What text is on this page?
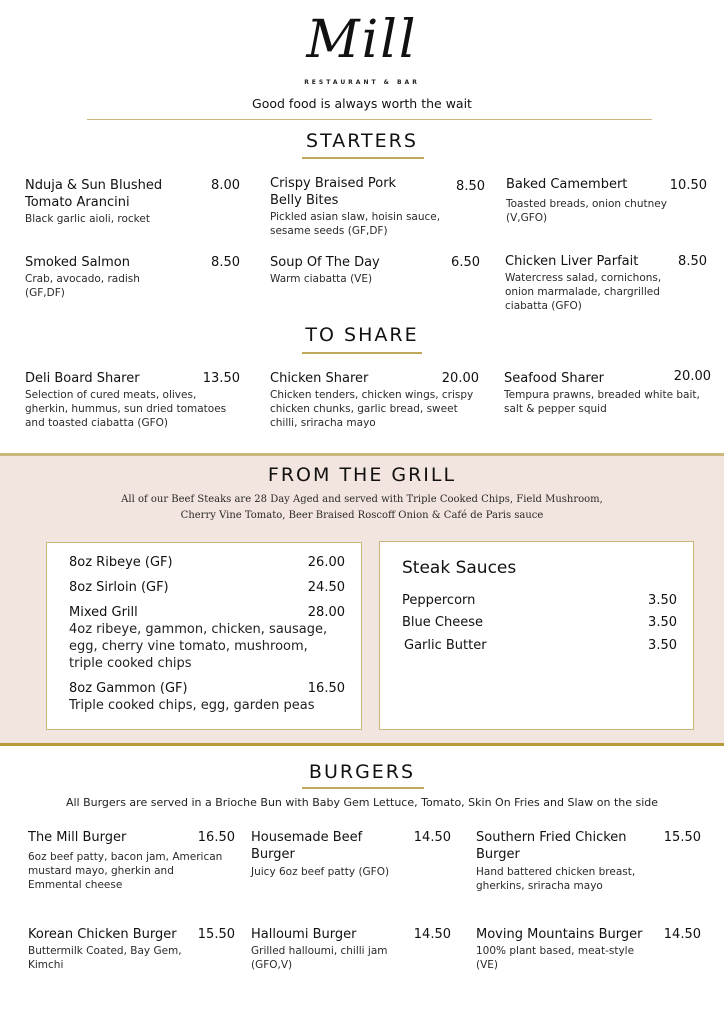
Mill
RESTAURANT & BAR
Good food is always worth the wait
STARTERS
Nduja & Sun Blushed Tomato Arancini
8.00
Black garlic aioli, rocket
Crispy Braised Pork Belly Bites
8.50
Pickled asian slaw, hoisin sauce, sesame seeds (GF,DF)
Baked Camembert	10.50
Toasted breads, onion chutney (V,GFO)
Smoked Salmon	8.50
Crab, avocado, radish (GF,DF)
Soup Of The Day	6.50
Warm ciabatta (VE)
Chicken Liver Parfait	8.50
Watercress salad, cornichons, onion marmalade, chargrilled ciabatta (GFO)
TO SHARE
Deli Board Sharer	13.50
Selection of cured meats, olives, gherkin, hummus, sun dried tomatoes and toasted ciabatta (GFO)
Chicken Sharer	20.00
Chicken tenders, chicken wings, crispy chicken chunks, garlic bread, sweet chilli, sriracha mayo
Seafood Sharer	20.00
Tempura prawns, breaded white bait, salt & pepper squid
FROM THE GRILL
All of our Beef Steaks are 28 Day Aged and served with Triple Cooked Chips, Field Mushroom,
Cherry Vine Tomato, Beer Braised Roscoff Onion & Café de Paris sauce
8oz Ribeye (GF)	26.00
8oz Sirloin (GF)	24.50
Mixed Grill	28.00
4oz ribeye, gammon, chicken, sausage, egg, cherry vine tomato, mushroom, triple cooked chips
8oz Gammon (GF)	16.50
Triple cooked chips, egg, garden peas
Steak Sauces
Peppercorn	3.50
Blue Cheese	3.50
Garlic Butter	3.50
BURGERS
All Burgers are served in a Brioche Bun with Baby Gem Lettuce, Tomato, Skin On Fries and Slaw on the side
The Mill Burger	16.50
6oz beef patty, bacon jam, American mustard mayo, gherkin and Emmental cheese
Housemade Beef Burger
14.50
Juicy 6oz beef patty (GFO)
Southern Fried Chicken Burger
15.50
Hand battered chicken breast, gherkins, sriracha mayo
Korean Chicken Burger	15.50
Buttermilk Coated, Bay Gem, Kimchi
Halloumi Burger	14.50
Grilled halloumi, chilli jam (GFO,V)
Moving Mountains Burger	14.50
100% plant based, meat-style (VE)
